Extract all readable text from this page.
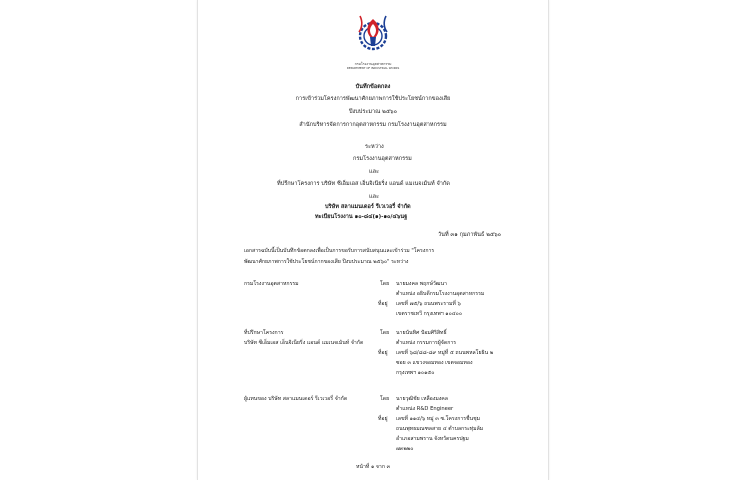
กรมโรงงานอุตสาหกรรม
DEPARTMENT OF INDUSTRIAL WORKS
บันทึกข้อตกลง
การเข้าร่วมโครงการพัฒนาศักยภาพการใช้ประโยชน์กากของเสีย
ปีงบประมาณ ๒๕๖๐
สำนักบริหารจัดการกากอุตสาหกรรม กรมโรงงานอุตสาหกรรม
ระหว่าง
กรมโรงงานอุตสาหกรรม
และ
ที่ปรึกษาโครงการ บริษัท ซีเอ็มเอส เอ็นจิเนียริ่ง แอนด์ แมเนจเม้นท์ จำกัด
และ
บริษัท สลาแมนเดอร์ รีเวเวอรี่ จำกัด
ทะเบียนโรงงาน ๑๐-๘๔(๑)-๑๐/๔๖นฐ
วันที่ ๓๑ กุมภาพันธ์ ๒๕๖๐
เอกสารฉบับนี้เป็นบันทึกข้อตกลงเพื่อเป็นการขอรับการสนับสนุนและเข้าร่วม "โครงการ
พัฒนาศักยภาพการใช้ประโยชน์กากของเสีย ปีงบประมาณ ๒๕๖๐" ระหว่าง
กรมโรงงานอุตสาหกรรม	โดย นายมงคล พฤกษ์วัฒนา
ตำแหน่ง อธิบดีกรมโรงงานอุตสาหกรรม
ที่อยู่ เลขที่ ๗๕/๖ ถนนพระรามที่ ๖
เขตราชเทวี กรุงเทพฯ ๑๐๔๐๐
ที่ปรึกษาโครงการ
บริษัท ซีเอ็มเอส เอ็นจิเนียริ่ง แอนด์ แมเนจเม้นท์ จำกัด
โดย นายนันทิศ ป้อมศิริสิทธิ์
ตำแหน่ง กรรมการผู้จัดการ
ที่อยู่ เลขที่ ๖๘/๘๘-๘๙ หมู่ที่ ๕ ถนนพหลโยธิน ๒
ซอย ๓ แขวงจอมทอง เขตจอมทอง
กรุงเทพฯ ๑๐๑๕๐
ผู้แทนของ บริษัท สลาแมนเดอร์ รีเวเวอรี่ จำกัด	โดย นายวุฒิชัย เหลืองมงคล
ตำแหน่ง R&D Engineer
ที่อยู่ เลขที่ ๑๑๔/๖ หมู่ ๓ ซ.โครงการชื่นชุม
ถนนพุทธมณฑลสาย ๔ ตำบลกระทุ่มล้ม
อำเภอสามพราน จังหวัดนครปฐม
๗๓๒๒๐
หน้าที่ ๑ จาก ๓
